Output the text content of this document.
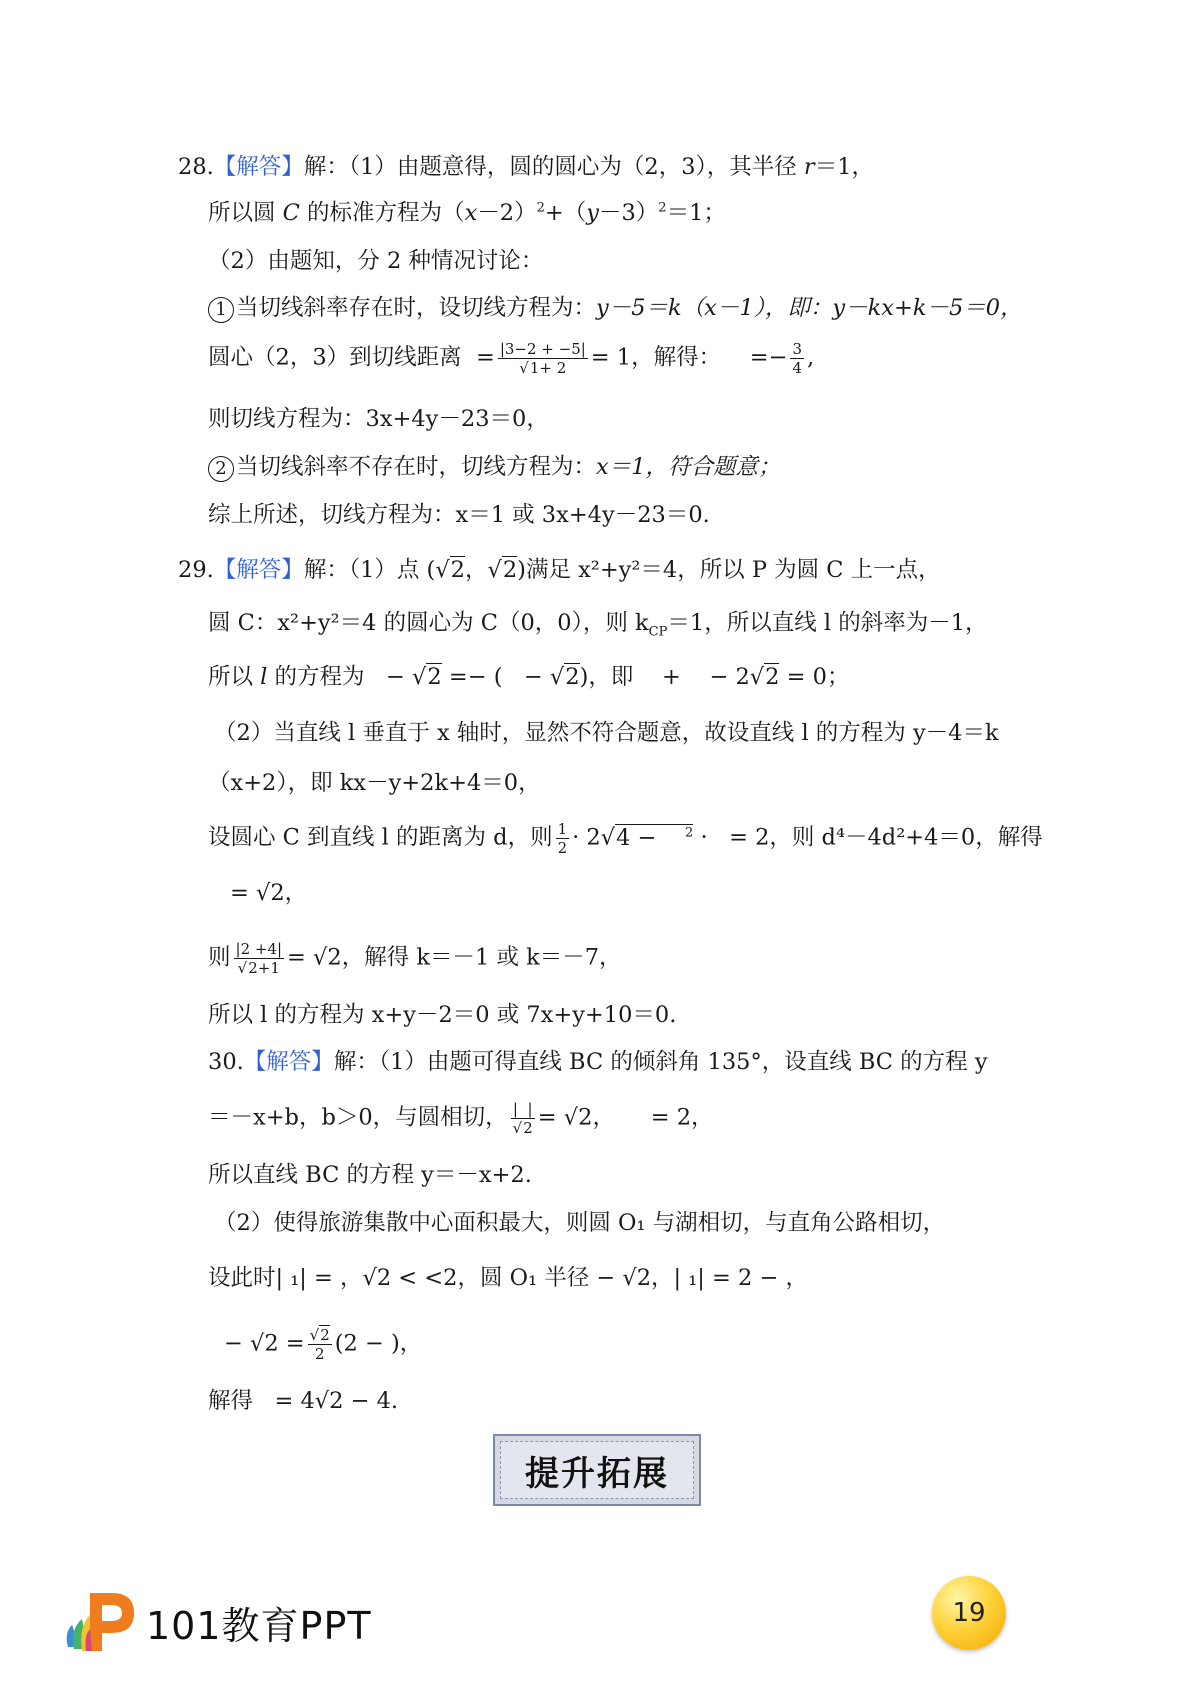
28.【解答】解：（1）由题意得，圆的圆心为（2，3），其半径 r＝1，
所以圆 C 的标准方程为$(x-2)^2+(y-3)^2=1$；
（2）由题知，分 2 种情况讨论：
1 当切线斜率存在时，设切线方程为：y－5＝k（x－1），即：y－kx+k－5＝0，
圆心（2，3）到切线距离  = $\frac{|3-2 + -5|}{√1+ 2} = 1$，解得：    =− $\frac{3}{4}$ ,
则切线方程为：3x+4y－23＝0，
2 当切线斜率不存在时，切线方程为：x＝1，符合题意；
综上所述，切线方程为：x＝1 或 3x+4y－23＝0.
29.【解答】解：（1）点 (√2，√2)满足 x²+y²＝4，所以 P 为圆 C 上一点，
圆 C：x²+y²＝4 的圆心为 C（0，0），则 $k_{CP}=1$，所以直线 l 的斜率为－1，
所以 l 的方程为   − √2 =− (   − √2)，即    +    − 2√2 = 0；
（2）当直线 l 垂直于 x 轴时，显然不符合题意，故设直线 l 的方程为 y－4＝k
（x+2），即 kx－y+2k+4＝0，
设圆心 C 到直线 l 的距离为 d，则 $\frac{1}{2} \cdot 2√4$ −    $^2$ ·   = 2，则 d⁴－4d²+4＝0，解得
= √2，
则 $\frac{|2 +4|}{√2+1} = √2$，解得 k＝－1 或 k＝－7，
所以 l 的方程为 x+y－2＝0 或 7x+y+10＝0.
30.【解答】解：（1）由题可得直线 BC 的倾斜角 135°，设直线 BC 的方程 y
＝－x+b，b＞0，与圆相切， $\frac{| |}{√2} = √2$， = 2，
所以直线 BC 的方程 y＝－x+2.
（2）使得旅游集散中心面积最大，则圆 O₁ 与湖相切，与直角公路相切，
设此时| ₁| = ，√2 < <2，圆 O₁ 半径 − √2，| ₁| = 2 − ，
− $√2 = \frac{√2}{2} (2$ − )，
解得 = 4√2 − 4.
提升拓展
101教育PPT	19
